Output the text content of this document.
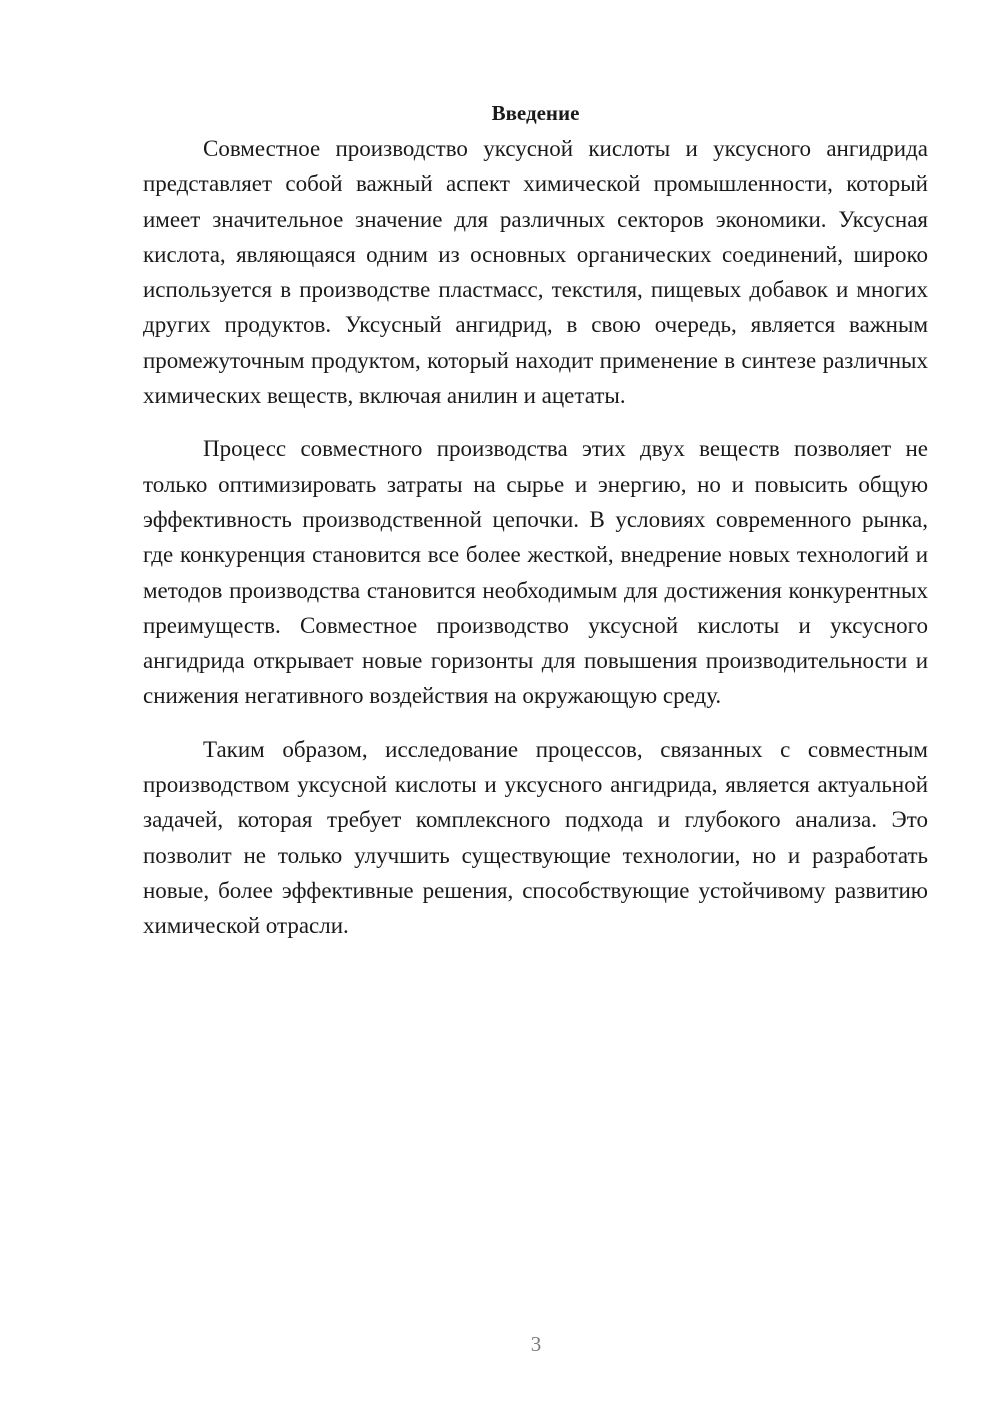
Введение

Совместное производство уксусной кислоты и уксусного ангидрида представляет собой важный аспект химической промышленности, который имеет значительное значение для различных секторов экономики. Уксусная кислота, являющаяся одним из основных органических соединений, широко используется в производстве пластмасс, текстиля, пищевых добавок и многих других продуктов. Уксусный ангидрид, в свою очередь, является важным промежуточным продуктом, который находит применение в синтезе различных химических веществ, включая анилин и ацетаты.

Процесс совместного производства этих двух веществ позволяет не только оптимизировать затраты на сырье и энергию, но и повысить общую эффективность производственной цепочки. В условиях современного рынка, где конкуренция становится все более жесткой, внедрение новых технологий и методов производства становится необходимым для достижения конкурентных преимуществ. Совместное производство уксусной кислоты и уксусного ангидрида открывает новые горизонты для повышения производительности и снижения негативного воздействия на окружающую среду.

Таким образом, исследование процессов, связанных с совместным производством уксусной кислоты и уксусного ангидрида, является актуальной задачей, которая требует комплексного подхода и глубокого анализа. Это позволит не только улучшить существующие технологии, но и разработать новые, более эффективные решения, способствующие устойчивому развитию химической отрасли.

3
